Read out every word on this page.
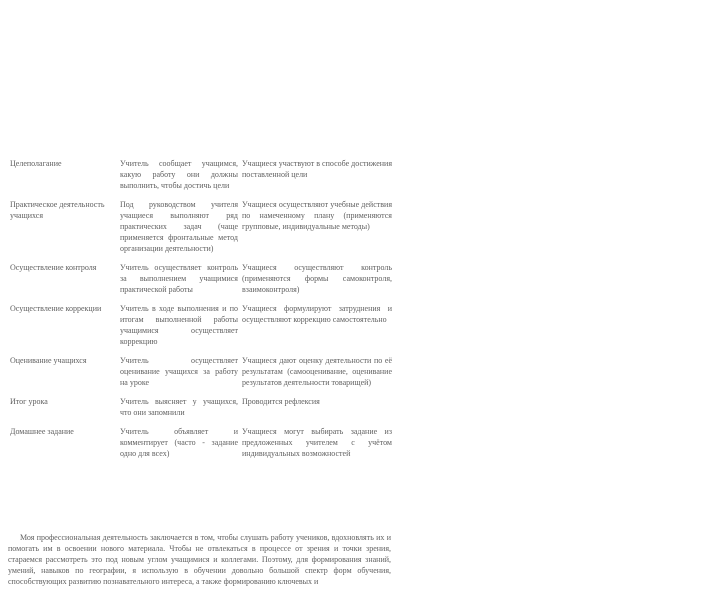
Целеполагание	Учитель сообщает учащимся, какую работу они должны выполнить, чтобы достичь цели	Учащиеся участвуют в способе достижения поставленной цели
Практическое деятельность учащихся	Под руководством учителя учащиеся выполняют ряд практических задач (чаще применяется фронтальные метод организации деятельности)	Учащиеся осуществляют учебные действия по намеченному плану (применяются групповые, индивидуальные методы)
Осуществление контроля	Учитель осуществляет контроль за выполнением учащимися практической работы	Учащиеся осуществляют контроль (применяются формы самоконтроля, взаимоконтроля)
Осуществление коррекции	Учитель в ходе выполнения и по итогам выполненной работы учащимися осуществляет коррекцию	Учащиеся формулируют затруднения и осуществляют коррекцию самостоятельно
Оценивание учащихся	Учитель осуществляет оценивание учащихся за работу на уроке	Учащиеся дают оценку деятельности по её результатам (самооценивание, оценивание результатов деятельности товарищей)
Итог урока	Учитель выясняет у учащихся, что они запомнили	Проводится рефлексия
Домашнее задание	Учитель объявляет и комментирует (часто - задание одно для всех)	Учащиеся могут выбирать задание из предложенных учителем с учётом индивидуальных возможностей

Моя профессиональная деятельность заключается в том, чтобы слушать работу учеников, вдохновлять их и помогать им в освоении нового материала. Чтобы не отвлекаться в процессе от зрения и точки зрения, стараемся рассмотреть это под новым углом учащимися и коллегами. Поэтому, для формирования знаний, умений, навыков по географии, я использую в обучении довольно большой спектр форм обучения, способствующих развитию познавательного интереса, а также формированию ключевых и
